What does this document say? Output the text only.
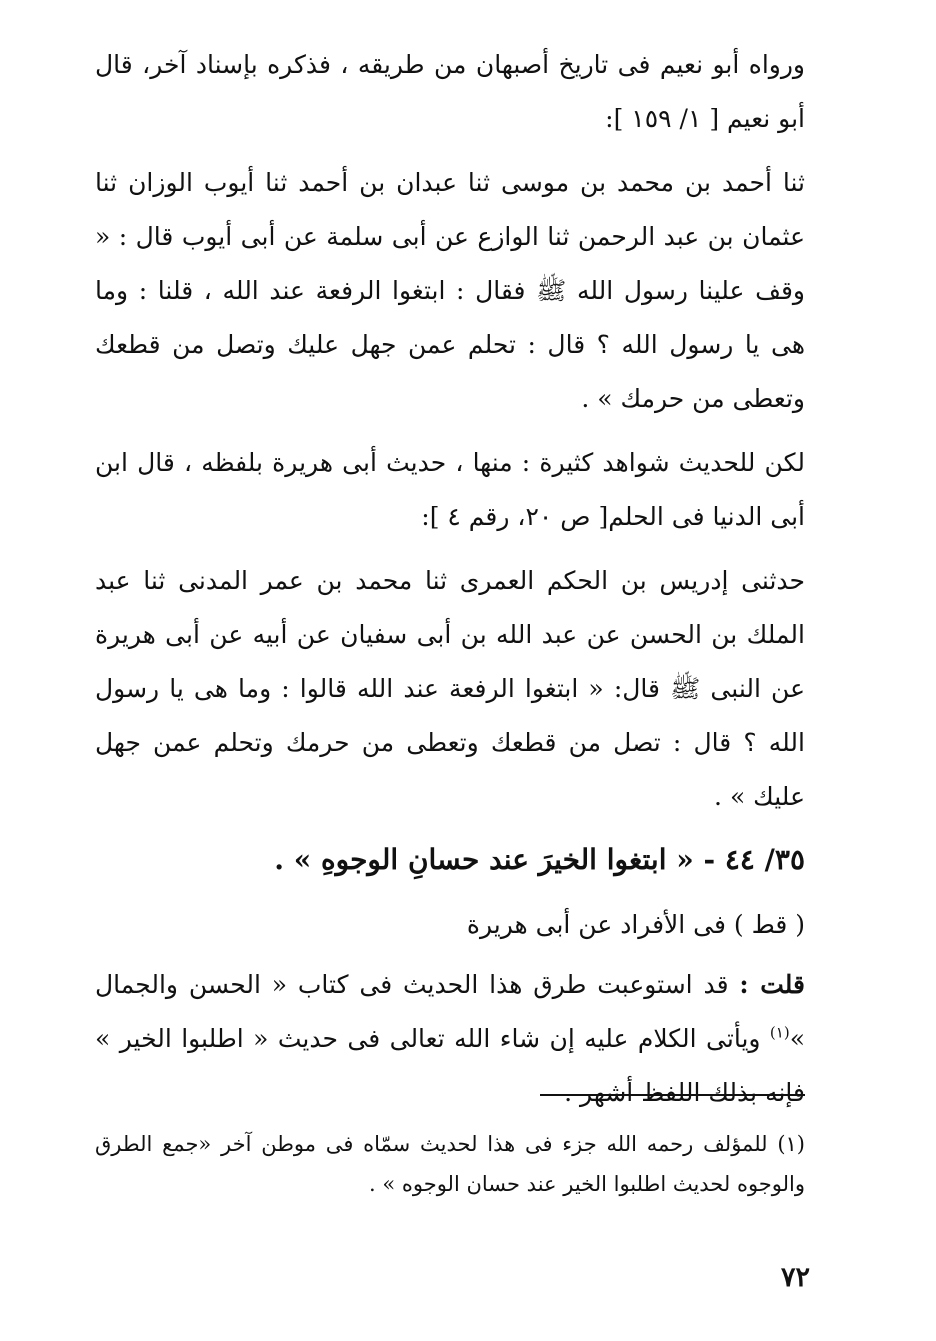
ورواه أبو نعيم فى تاريخ أصبهان من طريقه ، فذكره بإسناد آخر، قال أبو نعيم [ ١/ ١٥٩ ]:

ثنا أحمد بن محمد بن موسى ثنا عبدان بن أحمد ثنا أيوب الوزان ثنا عثمان بن عبد الرحمن ثنا الوازع عن أبى سلمة عن أبى أيوب قال : « وقف علينا رسول الله ﷺ فقال : ابتغوا الرفعة عند الله ، قلنا : وما هى يا رسول الله ؟ قال : تحلم عمن جهل عليك وتصل من قطعك وتعطى من حرمك » .

لكن للحديث شواهد كثيرة : منها ، حديث أبى هريرة بلفظه ، قال ابن أبى الدنيا فى الحلم[ ص ٢٠، رقم ٤ ]:

حدثنى إدريس بن الحكم العمرى ثنا محمد بن عمر المدنى ثنا عبد الملك بن الحسن عن عبد الله بن أبى سفيان عن أبيه عن أبى هريرة عن النبى ﷺ قال: « ابتغوا الرفعة عند الله قالوا : وما هى يا رسول الله ؟ قال : تصل من قطعك وتعطى من حرمك وتحلم عمن جهل عليك » .

٣٥/ ٤٤ - « ابتغوا الخيرَ عند حسانِ الوجوهِ » .

( قط ) فى الأفراد عن أبى هريرة

قلت : قد استوعبت طرق هذا الحديث فى كتاب « الحسن والجمال »$^{(١)}$ ويأتى الكلام عليه إن شاء الله تعالى فى حديث « اطلبوا الخير » فإنه بذلك اللفظ أشهر .

(١) للمؤلف رحمه الله جزء فى هذا لحديث سمّاه فى موطن آخر «جمع الطرق والوجوه لحديث اطلبوا الخير عند حسان الوجوه » .
٧٢
